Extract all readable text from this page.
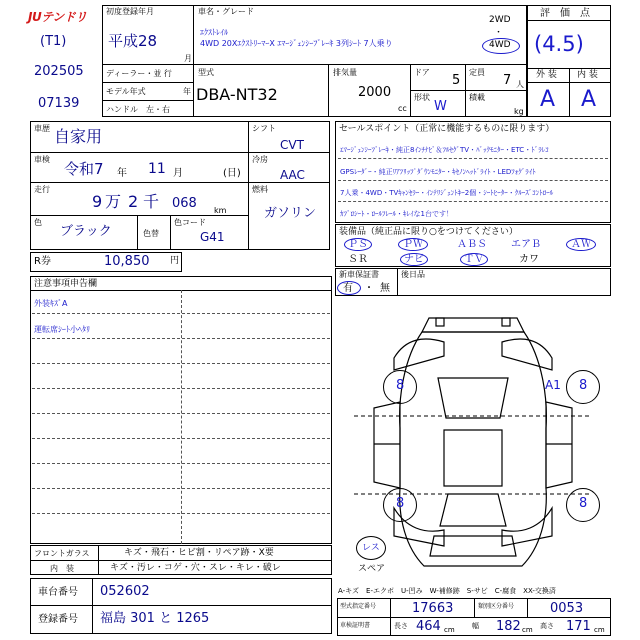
JUテンドリ
(T1)
202505
07139
初度登録年月
平成28
月
ディーラー・並 行
モデル年式	年
ハンドル　左・右
車名・グレード
ｴｸｽﾄﾚｲﾙ
4WD 20XｴｸｽﾄﾘｰﾏｰX ｴﾏｰｼﾞｪﾝｼｰﾌﾞﾚｰｷ 3列ｼｰﾄ 7人乗り
2WD
・
4WD
型式
DBA-NT32
排気量
2000
cc
ドア
5
形状
W
定員
7 人
積載
kg
評　価　点
(4.5)
外 装 内 装
A A
車歴 自家用
車検
令和7 年 11 月	(日)
走行
9 万 2 千 068 km
色
ブラック	色替
色コード
G41
シフト
CVT
冷房
AAC
燃料
ガソリン
R券	10,850 円
セールスポイント（正常に機能するものに限ります）
ｴﾏｰｼﾞｪﾝｼｰﾌﾞﾚｰｷ・純正8ｲﾝﾁﾅﾋﾞ＆ﾌﾙｾｸﾞTV・ﾊﾞｯｸﾓﾆﾀｰ・ETC・ﾄﾞﾗﾚｺ
GPSﾚｰﾀﾞｰ・純正ﾘｱﾌﾘｯﾌﾟﾀﾞｳﾝﾓﾆﾀｰ・ｷｾﾉﾝﾍｯﾄﾞﾗｲﾄ・LEDﾌｫｸﾞﾗｲﾄ
7人乗・4WD・TVｷｬﾝｾﾗｰ・ｲﾝﾃﾘｼﾞｪﾝﾄｷｰ2個・ｼｰﾄﾋｰﾀｰ・ｸﾙｰｽﾞｺﾝﾄﾛｰﾙ
ｶﾌﾞﾛｼｰﾄ・ﾛｰﾙﾌﾚｰﾙ・ｷﾚｲな1台です！
装備品（純正品に限り○をつけてください）
ＰＳ	ＰＷ	ＡＢＳ	エアＢ	ＡＷ
ＳＲ	ナビ	ＴＶ	カワ
新車保証書
有 ・ 無
後日品
注意事項申告欄
外装ｷｽﾞA
運転席ｼｰﾄ小ﾍﾀﾘ
8	8
8	8
A1
レス
スペア
フロントガラス	キズ・飛石・ヒビ割・リペア跡・X要
内　装	キズ・汚レ・コゲ・穴・スレ・キレ・破レ
車台番号 052602
登録番号 福島 301 と 1265
A-キズ　E-エクボ　U-凹み　W-補修跡　S-サビ　C-腐食　XX-交換済
型式指定番号	17663	類別区分番号	0053
車検証明書	長さ 464 cm 幅 182 cm 高さ 171 cm
